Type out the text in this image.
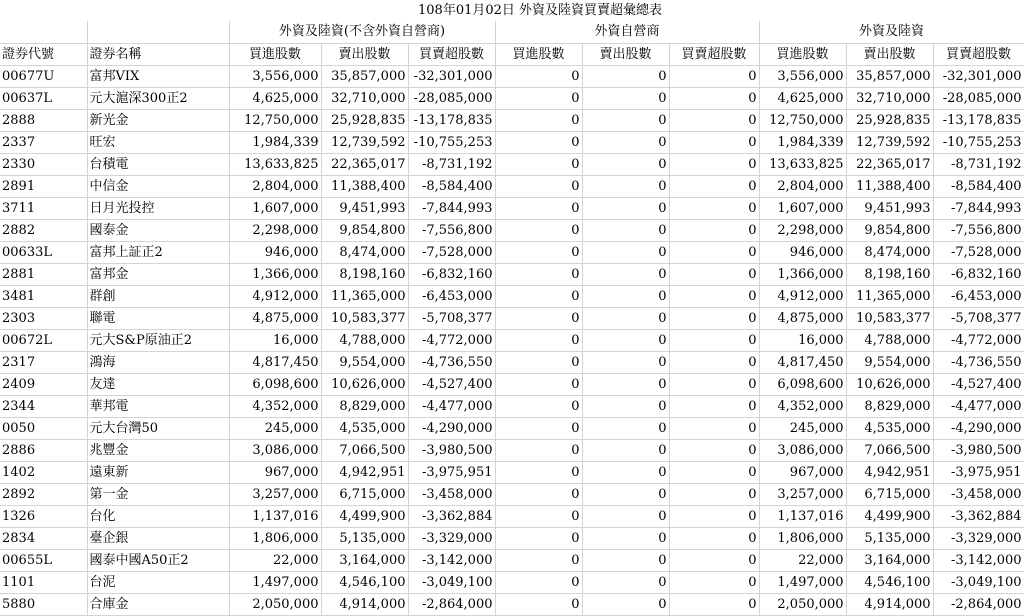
			108年01月02日 外資及陸資買賣超彙總表							
		外資及陸資(不含外資自營商)			外資自營商			外資及陸資		
證券代號	證券名稱	買進股數	賣出股數	買賣超股數	買進股數	賣出股數	買賣超股數	買進股數	賣出股數	買賣超股數
00677U	富邦VIX	3,556,000	35,857,000	-32,301,000	0	0	0	3,556,000	35,857,000	-32,301,000
00637L	元大滬深300正2	4,625,000	32,710,000	-28,085,000	0	0	0	4,625,000	32,710,000	-28,085,000
2888	新光金	12,750,000	25,928,835	-13,178,835	0	0	0	12,750,000	25,928,835	-13,178,835
2337	旺宏	1,984,339	12,739,592	-10,755,253	0	0	0	1,984,339	12,739,592	-10,755,253
2330	台積電	13,633,825	22,365,017	-8,731,192	0	0	0	13,633,825	22,365,017	-8,731,192
2891	中信金	2,804,000	11,388,400	-8,584,400	0	0	0	2,804,000	11,388,400	-8,584,400
3711	日月光投控	1,607,000	9,451,993	-7,844,993	0	0	0	1,607,000	9,451,993	-7,844,993
2882	國泰金	2,298,000	9,854,800	-7,556,800	0	0	0	2,298,000	9,854,800	-7,556,800
00633L	富邦上証正2	946,000	8,474,000	-7,528,000	0	0	0	946,000	8,474,000	-7,528,000
2881	富邦金	1,366,000	8,198,160	-6,832,160	0	0	0	1,366,000	8,198,160	-6,832,160
3481	群創	4,912,000	11,365,000	-6,453,000	0	0	0	4,912,000	11,365,000	-6,453,000
2303	聯電	4,875,000	10,583,377	-5,708,377	0	0	0	4,875,000	10,583,377	-5,708,377
00672L	元大S&P原油正2	16,000	4,788,000	-4,772,000	0	0	0	16,000	4,788,000	-4,772,000
2317	鴻海	4,817,450	9,554,000	-4,736,550	0	0	0	4,817,450	9,554,000	-4,736,550
2409	友達	6,098,600	10,626,000	-4,527,400	0	0	0	6,098,600	10,626,000	-4,527,400
2344	華邦電	4,352,000	8,829,000	-4,477,000	0	0	0	4,352,000	8,829,000	-4,477,000
0050	元大台灣50	245,000	4,535,000	-4,290,000	0	0	0	245,000	4,535,000	-4,290,000
2886	兆豐金	3,086,000	7,066,500	-3,980,500	0	0	0	3,086,000	7,066,500	-3,980,500
1402	遠東新	967,000	4,942,951	-3,975,951	0	0	0	967,000	4,942,951	-3,975,951
2892	第一金	3,257,000	6,715,000	-3,458,000	0	0	0	3,257,000	6,715,000	-3,458,000
1326	台化	1,137,016	4,499,900	-3,362,884	0	0	0	1,137,016	4,499,900	-3,362,884
2834	臺企銀	1,806,000	5,135,000	-3,329,000	0	0	0	1,806,000	5,135,000	-3,329,000
00655L	國泰中國A50正2	22,000	3,164,000	-3,142,000	0	0	0	22,000	3,164,000	-3,142,000
1101	台泥	1,497,000	4,546,100	-3,049,100	0	0	0	1,497,000	4,546,100	-3,049,100
5880	合庫金	2,050,000	4,914,000	-2,864,000	0	0	0	2,050,000	4,914,000	-2,864,000
